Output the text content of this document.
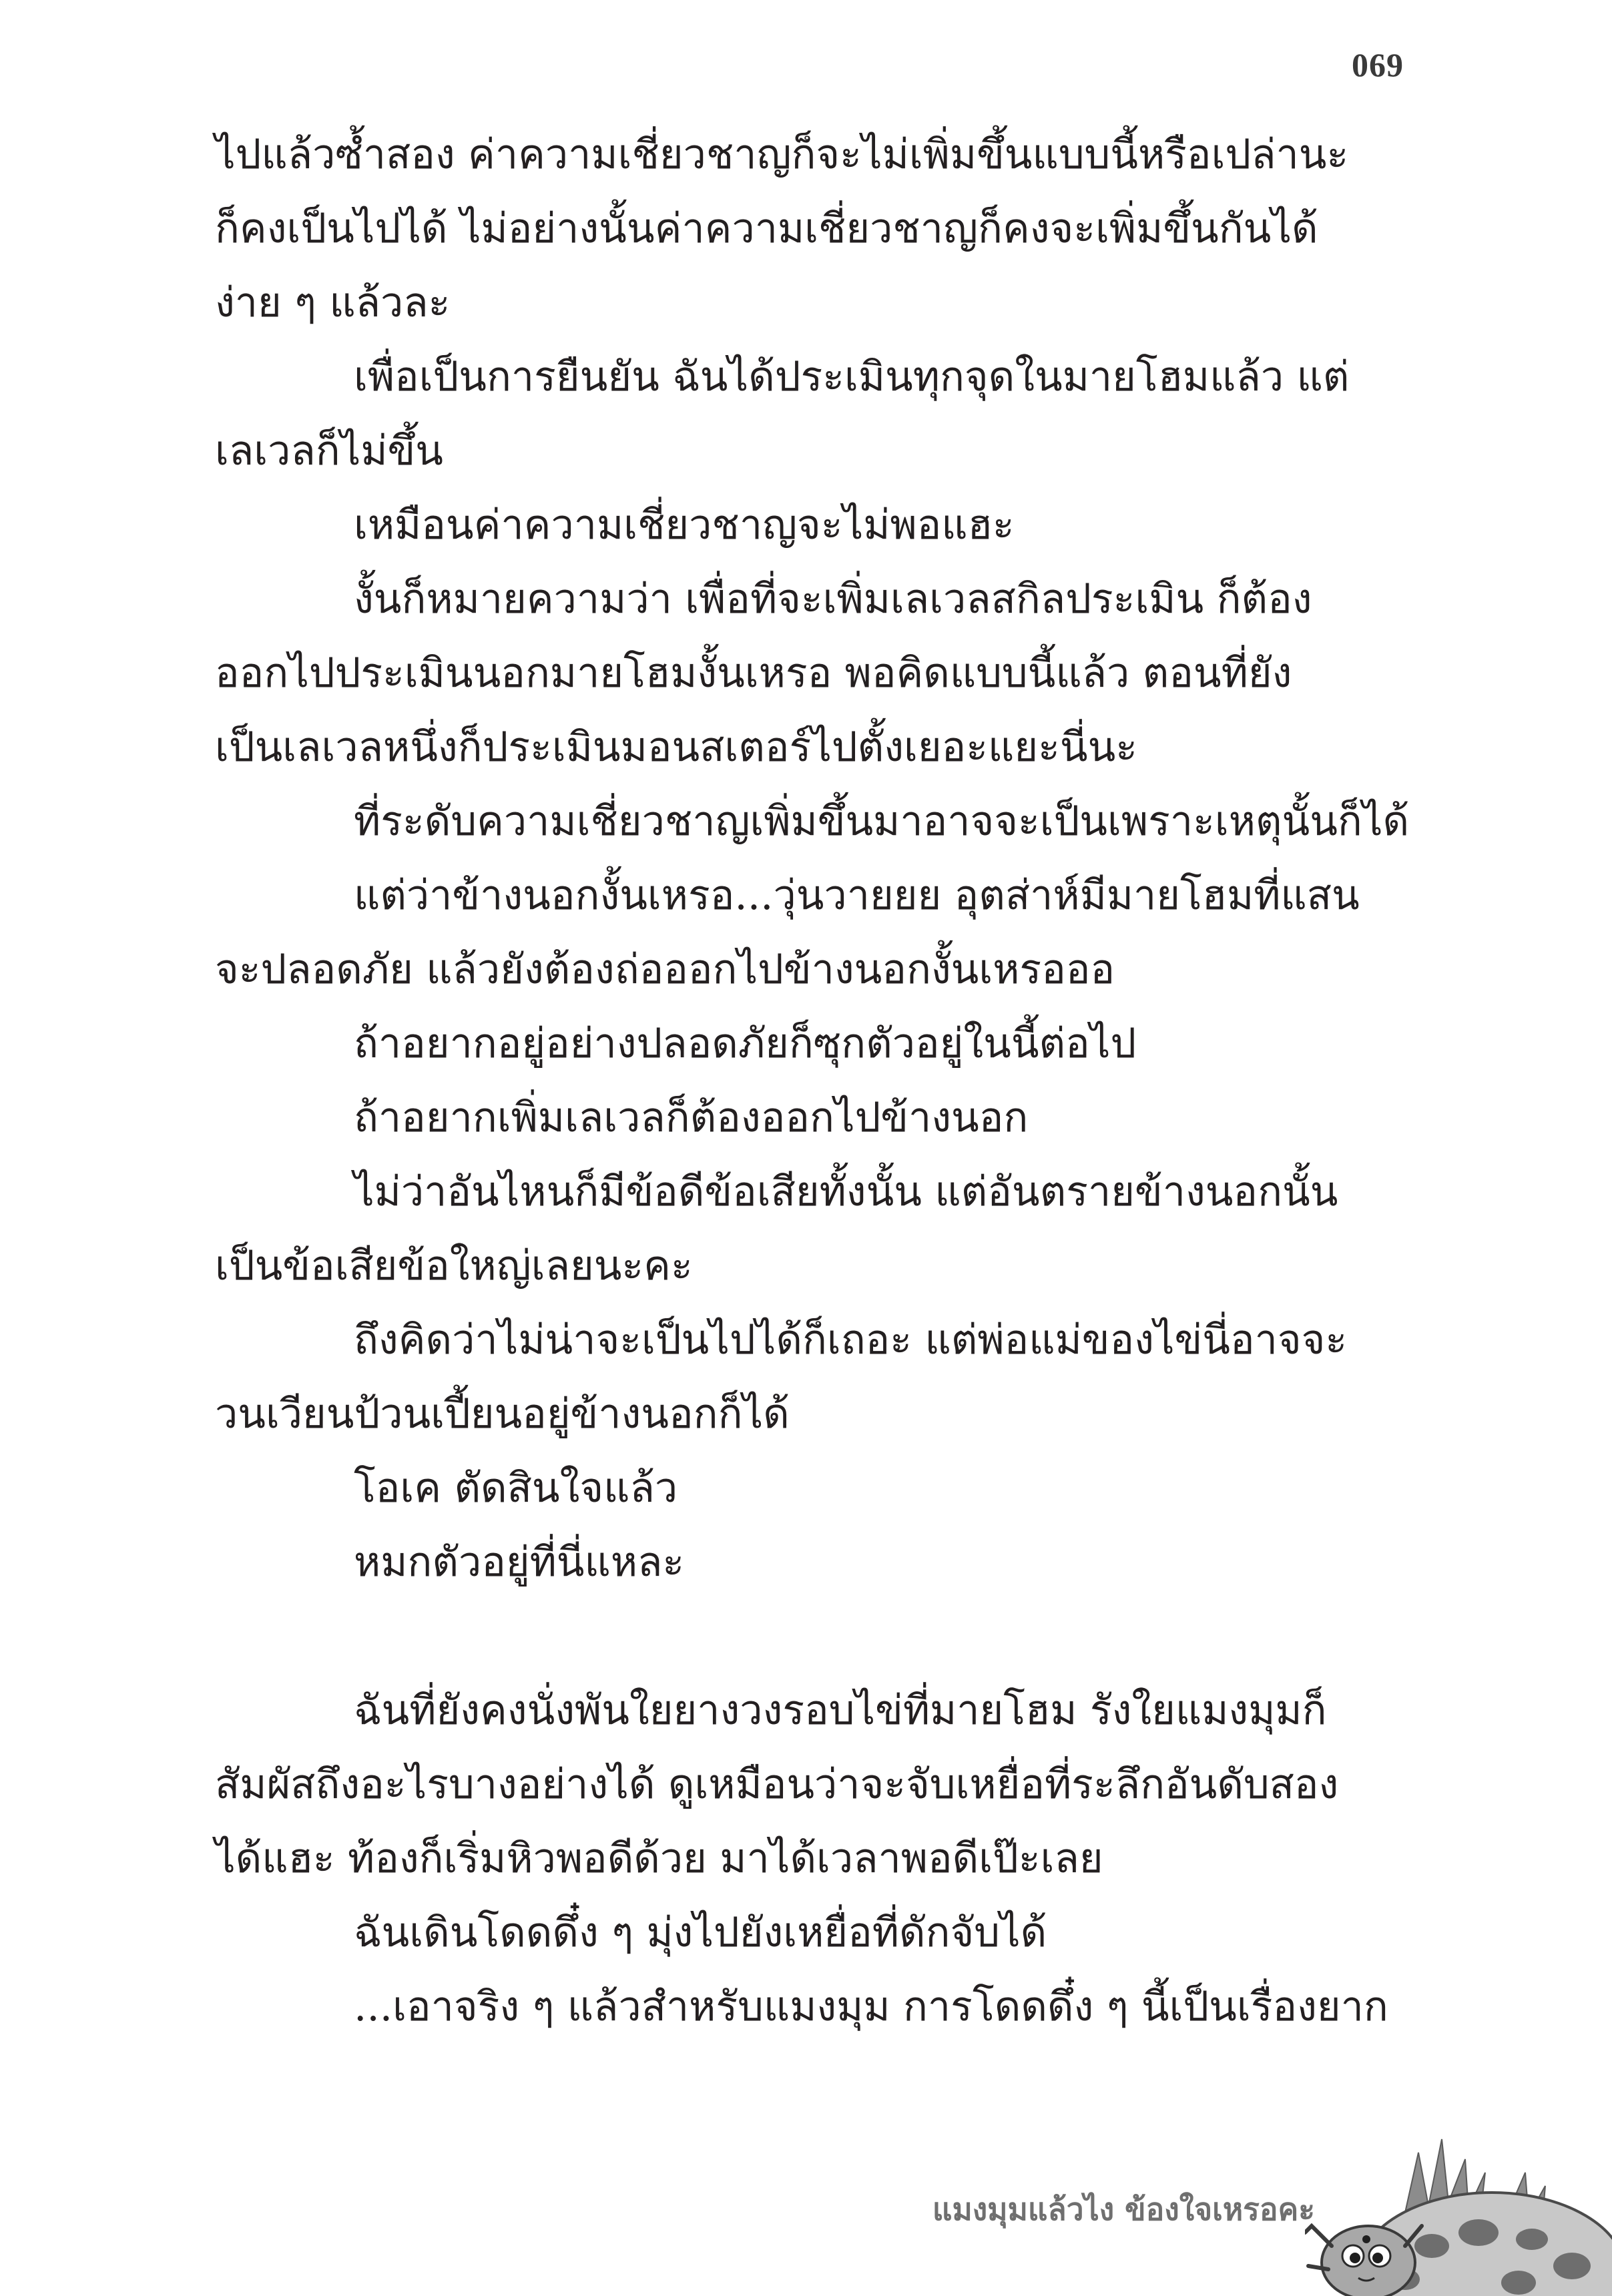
069
ไปแล้วซ้ำสอง ค่าความเชี่ยวชาญก็จะไม่เพิ่มขึ้นแบบนี้หรือเปล่านะ
ก็คงเป็นไปได้ ไม่อย่างนั้นค่าความเชี่ยวชาญก็คงจะเพิ่มขึ้นกันได้
ง่าย ๆ แล้วละ
เพื่อเป็นการยืนยัน ฉันได้ประเมินทุกจุดในมายโฮมแล้ว แต่
เลเวลก็ไม่ขึ้น
เหมือนค่าความเชี่ยวชาญจะไม่พอแฮะ
งั้นก็หมายความว่า เพื่อที่จะเพิ่มเลเวลสกิลประเมิน ก็ต้อง
ออกไปประเมินนอกมายโฮมงั้นเหรอ พอคิดแบบนี้แล้ว ตอนที่ยัง
เป็นเลเวลหนึ่งก็ประเมินมอนสเตอร์ไปตั้งเยอะแยะนี่นะ
ที่ระดับความเชี่ยวชาญเพิ่มขึ้นมาอาจจะเป็นเพราะเหตุนั้นก็ได้
แต่ว่าข้างนอกงั้นเหรอ...วุ่นวายยย อุตส่าห์มีมายโฮมที่แสน
จะปลอดภัย แล้วยังต้องถ่อออกไปข้างนอกงั้นเหรอออ
ถ้าอยากอยู่อย่างปลอดภัยก็ซุกตัวอยู่ในนี้ต่อไป
ถ้าอยากเพิ่มเลเวลก็ต้องออกไปข้างนอก
ไม่ว่าอันไหนก็มีข้อดีข้อเสียทั้งนั้น แต่อันตรายข้างนอกนั้น
เป็นข้อเสียข้อใหญ่เลยนะคะ
ถึงคิดว่าไม่น่าจะเป็นไปได้ก็เถอะ แต่พ่อแม่ของไข่นี่อาจจะ
วนเวียนป้วนเปี้ยนอยู่ข้างนอกก็ได้
โอเค ตัดสินใจแล้ว
หมกตัวอยู่ที่นี่แหละ
ฉันที่ยังคงนั่งพันใยยางวงรอบไข่ที่มายโฮม รังใยแมงมุมก็
สัมผัสถึงอะไรบางอย่างได้ ดูเหมือนว่าจะจับเหยื่อที่ระลึกอันดับสอง
ได้แฮะ ท้องก็เริ่มหิวพอดีด้วย มาได้เวลาพอดีเป๊ะเลย
ฉันเดินโดดดึ๋ง ๆ มุ่งไปยังเหยื่อที่ดักจับได้
...เอาจริง ๆ แล้วสำหรับแมงมุม การโดดดึ๋ง ๆ นี้เป็นเรื่องยาก
แมงมุมแล้วไง ข้องใจเหรอคะ
